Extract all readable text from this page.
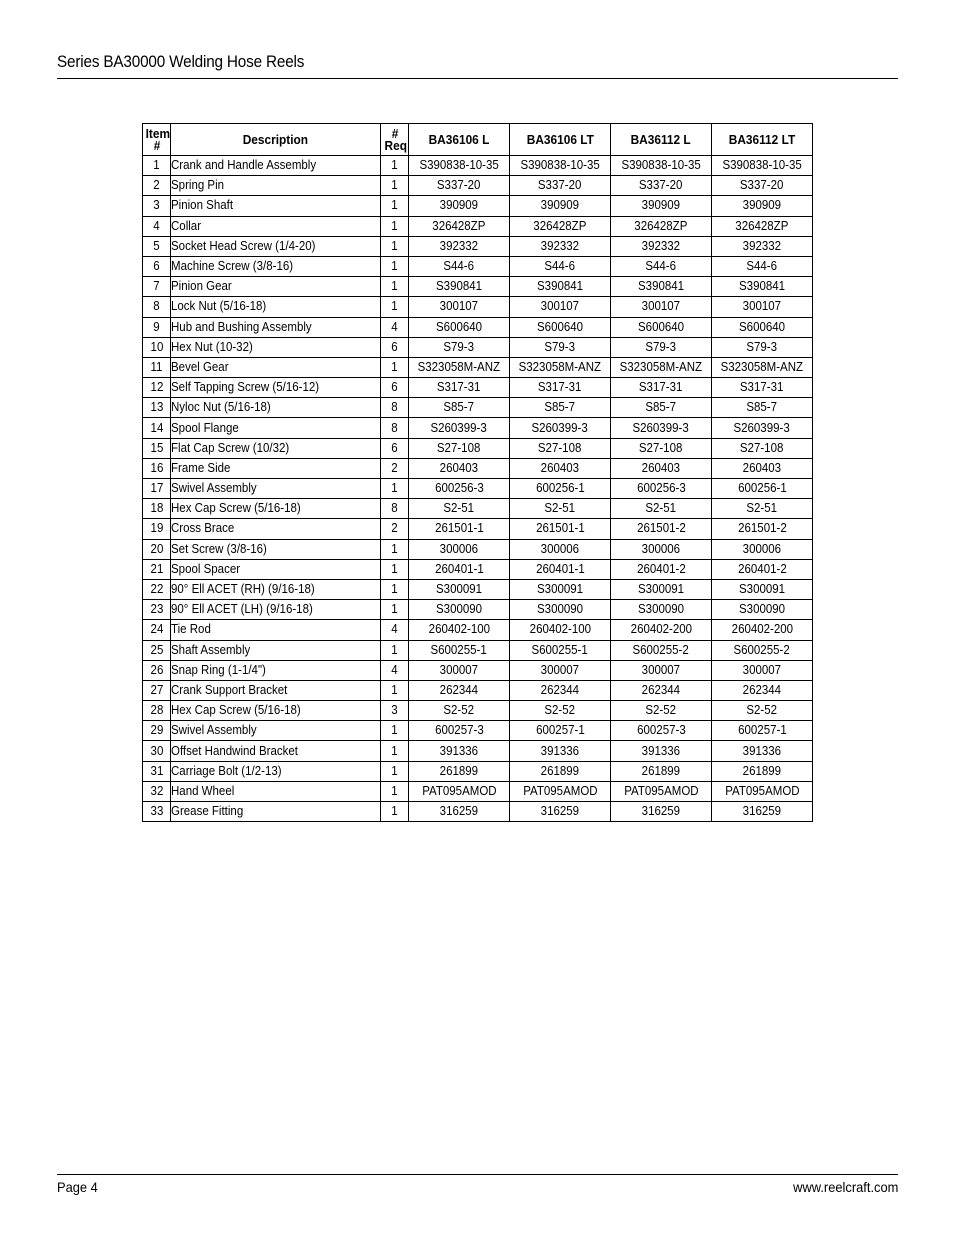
Series BA30000 Welding Hose Reels
Item #	Description	# Req	BA36106 L	BA36106 LT	BA36112 L	BA36112 LT
1	Crank and Handle Assembly	1	S390838-10-35	S390838-10-35	S390838-10-35	S390838-10-35
2	Spring Pin	1	S337-20	S337-20	S337-20	S337-20
3	Pinion Shaft	1	390909	390909	390909	390909
4	Collar	1	326428ZP	326428ZP	326428ZP	326428ZP
5	Socket Head Screw (1/4-20)	1	392332	392332	392332	392332
6	Machine Screw (3/8-16)	1	S44-6	S44-6	S44-6	S44-6
7	Pinion Gear	1	S390841	S390841	S390841	S390841
8	Lock Nut (5/16-18)	1	300107	300107	300107	300107
9	Hub and Bushing Assembly	4	S600640	S600640	S600640	S600640
10	Hex Nut (10-32)	6	S79-3	S79-3	S79-3	S79-3
11	Bevel Gear	1	S323058M-ANZ	S323058M-ANZ	S323058M-ANZ	S323058M-ANZ
12	Self Tapping Screw (5/16-12)	6	S317-31	S317-31	S317-31	S317-31
13	Nyloc Nut (5/16-18)	8	S85-7	S85-7	S85-7	S85-7
14	Spool Flange	8	S260399-3	S260399-3	S260399-3	S260399-3
15	Flat Cap Screw (10/32)	6	S27-108	S27-108	S27-108	S27-108
16	Frame Side	2	260403	260403	260403	260403
17	Swivel Assembly	1	600256-3	600256-1	600256-3	600256-1
18	Hex Cap Screw (5/16-18)	8	S2-51	S2-51	S2-51	S2-51
19	Cross Brace	2	261501-1	261501-1	261501-2	261501-2
20	Set Screw (3/8-16)	1	300006	300006	300006	300006
21	Spool Spacer	1	260401-1	260401-1	260401-2	260401-2
22	90° Ell ACET (RH) (9/16-18)	1	S300091	S300091	S300091	S300091
23	90° Ell ACET (LH) (9/16-18)	1	S300090	S300090	S300090	S300090
24	Tie Rod	4	260402-100	260402-100	260402-200	260402-200
25	Shaft Assembly	1	S600255-1	S600255-1	S600255-2	S600255-2
26	Snap Ring (1-1/4")	4	300007	300007	300007	300007
27	Crank Support Bracket	1	262344	262344	262344	262344
28	Hex Cap Screw (5/16-18)	3	S2-52	S2-52	S2-52	S2-52
29	Swivel Assembly	1	600257-3	600257-1	600257-3	600257-1
30	Offset Handwind Bracket	1	391336	391336	391336	391336
31	Carriage Bolt (1/2-13)	1	261899	261899	261899	261899
32	Hand Wheel	1	PAT095AMOD	PAT095AMOD	PAT095AMOD	PAT095AMOD
33	Grease Fitting	1	316259	316259	316259	316259
Page 4	www.reelcraft.com
